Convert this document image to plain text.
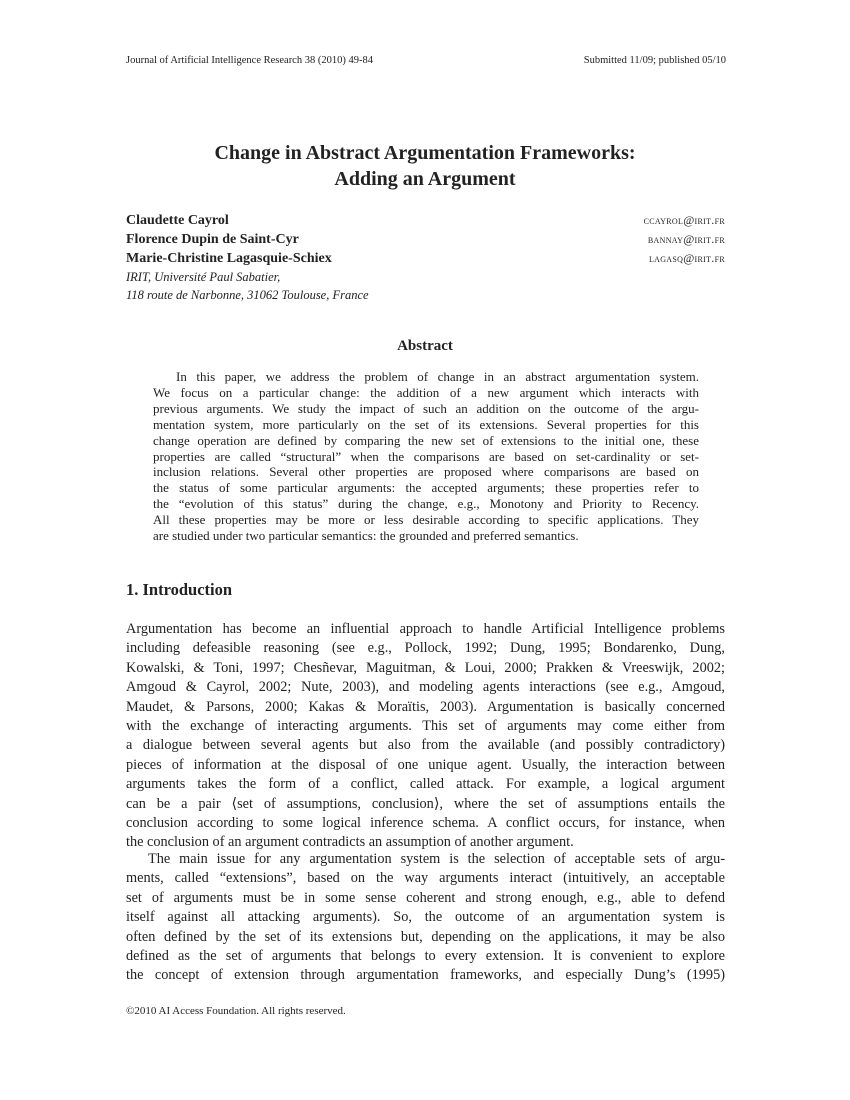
Journal of Artificial Intelligence Research 38 (2010) 49-84	Submitted 11/09; published 05/10
Change in Abstract Argumentation Frameworks:
Adding an Argument
Claudette Cayrol	ccayrol@irit.fr
Florence Dupin de Saint-Cyr	bannay@irit.fr
Marie-Christine Lagasquie-Schiex	lagasq@irit.fr
IRIT, Université Paul Sabatier,
118 route de Narbonne, 31062 Toulouse, France
Abstract
In this paper, we address the problem of change in an abstract argumentation system.
We focus on a particular change: the addition of a new argument which interacts with
previous arguments. We study the impact of such an addition on the outcome of the argu-
mentation system, more particularly on the set of its extensions. Several properties for this
change operation are defined by comparing the new set of extensions to the initial one, these
properties are called “structural” when the comparisons are based on set-cardinality or set-
inclusion relations. Several other properties are proposed where comparisons are based on
the status of some particular arguments: the accepted arguments; these properties refer to
the “evolution of this status” during the change, e.g., Monotony and Priority to Recency.
All these properties may be more or less desirable according to specific applications. They
are studied under two particular semantics: the grounded and preferred semantics.
1. Introduction
Argumentation has become an influential approach to handle Artificial Intelligence problems
including defeasible reasoning (see e.g., Pollock, 1992; Dung, 1995; Bondarenko, Dung,
Kowalski, & Toni, 1997; Chesñevar, Maguitman, & Loui, 2000; Prakken & Vreeswijk, 2002;
Amgoud & Cayrol, 2002; Nute, 2003), and modeling agents interactions (see e.g., Amgoud,
Maudet, & Parsons, 2000; Kakas & Moraïtis, 2003). Argumentation is basically concerned
with the exchange of interacting arguments. This set of arguments may come either from
a dialogue between several agents but also from the available (and possibly contradictory)
pieces of information at the disposal of one unique agent. Usually, the interaction between
arguments takes the form of a conflict, called attack. For example, a logical argument
can be a pair ⟨set of assumptions, conclusion⟩, where the set of assumptions entails the
conclusion according to some logical inference schema. A conflict occurs, for instance, when
the conclusion of an argument contradicts an assumption of another argument.
The main issue for any argumentation system is the selection of acceptable sets of argu-
ments, called “extensions”, based on the way arguments interact (intuitively, an acceptable
set of arguments must be in some sense coherent and strong enough, e.g., able to defend
itself against all attacking arguments). So, the outcome of an argumentation system is
often defined by the set of its extensions but, depending on the applications, it may be also
defined as the set of arguments that belongs to every extension. It is convenient to explore
the concept of extension through argumentation frameworks, and especially Dung’s (1995)
©2010 AI Access Foundation. All rights reserved.
